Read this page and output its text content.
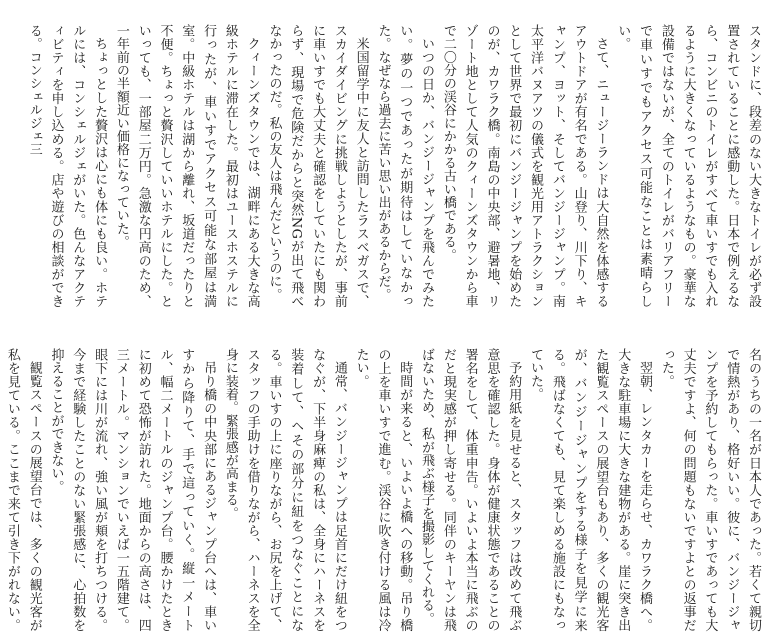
スタンドに、段差のない大きなトイレが必ず設置されていることに感動した。日本で例えるなら、コンビニのトイレがすべて車いすでも入れるように大きくなっているようなもの。豪華な設備ではないが、全てのトイレがバリアフリーで車いすでもアクセス可能なことは素晴らしい。

さて、ニュージーランドは大自然を体感するアウトドアが有名である。山登り、川下り、キャンプ、ヨット、そしてバンジージャンプ。南太平洋バヌアツの儀式を観光用アトラクションとして世界で最初にバンジージャンプを始めたのが、カワラク橋。南島の中央部、避暑地、リゾート地として人気のクィーンズタウンから車で二〇分の渓谷にかかる古い橋である。

いつの日か、バンジージャンプを飛んでみたい。夢の一つであったが期待はしていなかった。なぜなら過去に苦い思い出があるからだ。

米国留学中に友人と訪問したラスベガスで、スカイダイビングに挑戦しようとしたが、事前に車いすでも大丈夫と確認をしていたにも関わらず、現場で危険だからと突然NGが出て飛べなかったのだ。私の友人は飛んだというのに。

クィーンズタウンでは、湖畔にある大きな高級ホテルに滞在した。最初はユースホステルに行ったが、車いすでアクセス可能な部屋は満室。中級ホテルは湖から離れ、坂道だったりと不便。ちょっと贅沢していいホテルにした。といっても、一部屋二万円。急激な円高のため、一年前の半額近い価格になっていた。

ちょっとした贅沢は心にも体にも良い。ホテルには、コンシェルジェがいた。色んなアクティビティを申し込める。店や遊びの相談ができる。コンシェルジェ三

名のうちの一名が日本人であった。若くて親切で情熱があり、格好いい。彼に、バンジージャンプを予約してもらった。車いすであっても大丈夫ですよ、何の問題もないですよとの返事だった。

翌朝、レンタカーを走らせ、カワラク橋へ。大きな駐車場に大きな建物がある。崖に突き出た観覧スペースの展望台もあり、多くの観光客が、バンジージャンプをする様子を見学に来る。飛ばなくても、見て楽しめる施設にもなっていた。

予約用紙を見せると、スタッフは改めて飛ぶ意思を確認した。身体が健康状態であることの署名をして、体重申告。いよいよ本当に飛ぶのだと現実感が押し寄せる。同伴のキーヤンは飛ばないため、私が飛ぶ様子を撮影してくれる。

時間が来ると、いよいよ橋への移動。吊り橋の上を車いすで進む。渓谷に吹き付ける風は冷たい。

通常、バンジージャンプは足首にだけ紐をつなぐが、下半身麻痺の私は、全身にハーネスを装着して、ヘその部分に紐をつなぐことになる。車いすの上に座りながら、お尻を上げて、スタッフの手助けを借りながら、ハーネスを全身に装着。緊張感が高まる。

吊り橋の中央部にあるジャンプ台へは、車いすから降りて、手で這っていく。縦一メートル、幅二メートルのジャンプ台。腰かけたときに初めて恐怖が訪れた。地面からの高さは、四三メートル。マンションでいえば一五階建て。眼下には川が流れ、強い風が頬を打ちつける。今まで経験したことのない緊張感に、心拍数を抑えることができない。

観覧スペースの展望台では、多くの観光客が私を見ている。ここまで来て引き下がれない。
